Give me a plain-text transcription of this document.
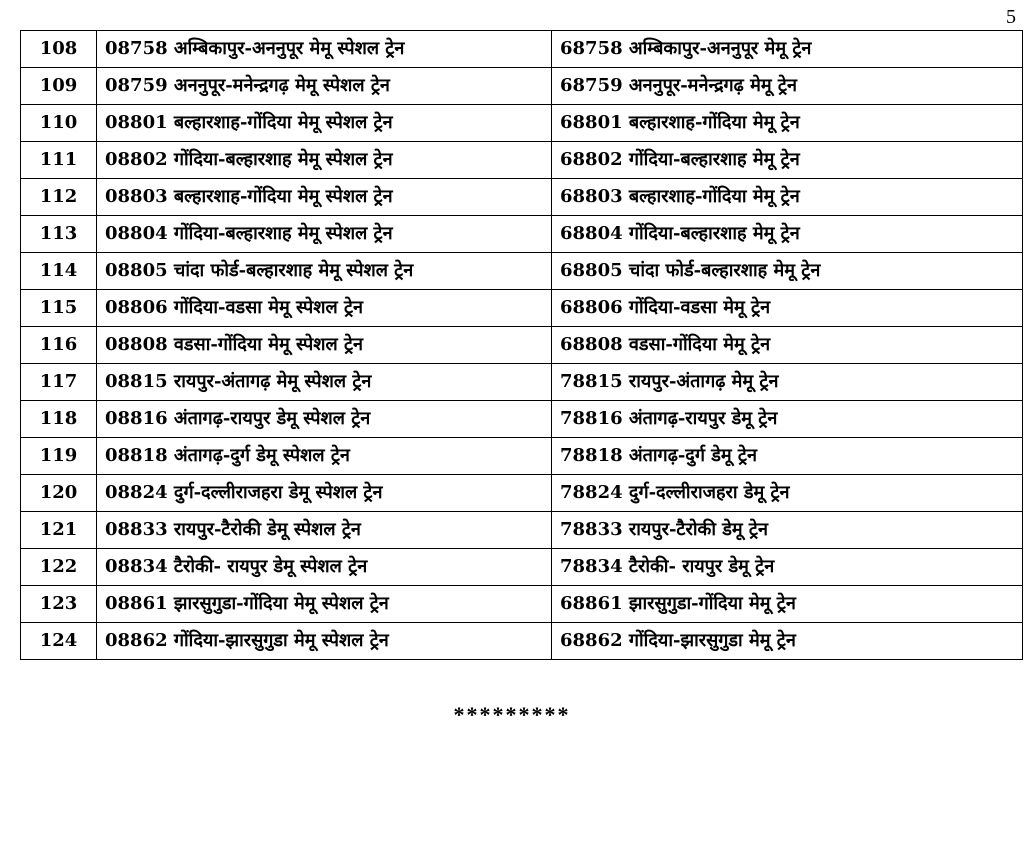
5
108	08758 अम्बिकापुर-अननुपूर मेमू स्पेशल ट्रेन	68758 अम्बिकापुर-अननुपूर मेमू ट्रेन
109	08759 अननुपूर-मनेन्द्रगढ़ मेमू स्पेशल ट्रेन	68759 अननुपूर-मनेन्द्रगढ़ मेमू ट्रेन
110	08801 बल्हारशाह-गोंदिया मेमू स्पेशल ट्रेन	68801 बल्हारशाह-गोंदिया मेमू ट्रेन
111	08802 गोंदिया-बल्हारशाह मेमू स्पेशल ट्रेन	68802 गोंदिया-बल्हारशाह मेमू ट्रेन
112	08803 बल्हारशाह-गोंदिया मेमू स्पेशल ट्रेन	68803 बल्हारशाह-गोंदिया मेमू ट्रेन
113	08804 गोंदिया-बल्हारशाह मेमू स्पेशल ट्रेन	68804 गोंदिया-बल्हारशाह मेमू ट्रेन
114	08805 चांदा फोर्ड-बल्हारशाह मेमू स्पेशल ट्रेन	68805 चांदा फोर्ड-बल्हारशाह मेमू ट्रेन
115	08806 गोंदिया-वडसा मेमू स्पेशल ट्रेन	68806 गोंदिया-वडसा मेमू ट्रेन
116	08808 वडसा-गोंदिया मेमू स्पेशल ट्रेन	68808 वडसा-गोंदिया मेमू ट्रेन
117	08815 रायपुर-अंतागढ़ मेमू स्पेशल ट्रेन	78815 रायपुर-अंतागढ़ मेमू ट्रेन
118	08816 अंतागढ़-रायपुर डेमू स्पेशल ट्रेन	78816 अंतागढ़-रायपुर डेमू ट्रेन
119	08818 अंतागढ़-दुर्ग डेमू स्पेशल ट्रेन	78818 अंतागढ़-दुर्ग डेमू ट्रेन
120	08824 दुर्ग-दल्लीराजहरा डेमू स्पेशल ट्रेन	78824 दुर्ग-दल्लीराजहरा डेमू ट्रेन
121	08833 रायपुर-टैरोकी डेमू स्पेशल ट्रेन	78833 रायपुर-टैरोकी डेमू ट्रेन
122	08834 टैरोकी- रायपुर डेमू स्पेशल ट्रेन	78834 टैरोकी- रायपुर डेमू ट्रेन
123	08861 झारसुगुडा-गोंदिया मेमू स्पेशल ट्रेन	68861 झारसुगुडा-गोंदिया मेमू ट्रेन
124	08862 गोंदिया-झारसुगुडा मेमू स्पेशल ट्रेन	68862 गोंदिया-झारसुगुडा मेमू ट्रेन
*********
